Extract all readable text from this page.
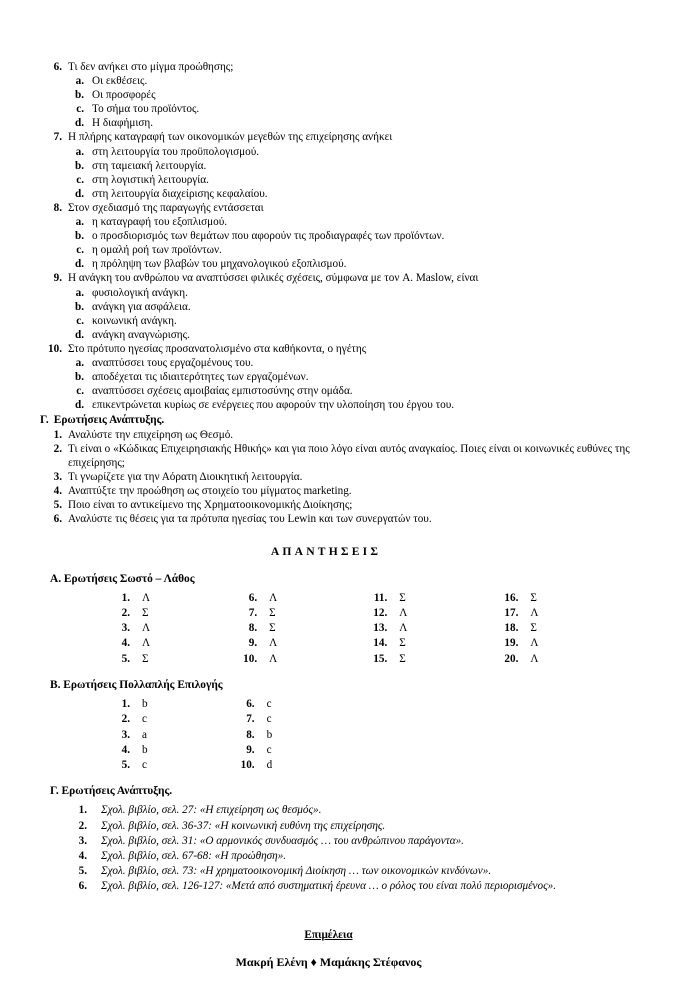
6. Τι δεν ανήκει στο μίγμα προώθησης;
a. Οι εκθέσεις.
b. Οι προσφορές
c. Το σήμα του προϊόντος.
d. Η διαφήμιση.
7. Η πλήρης καταγραφή των οικονομικών μεγεθών της επιχείρησης ανήκει
a. στη λειτουργία του προϋπολογισμού.
b. στη ταμειακή λειτουργία.
c. στη λογιστική λειτουργία.
d. στη λειτουργία διαχείρισης κεφαλαίου.
8. Στον σχεδιασμό της παραγωγής εντάσσεται
a. η καταγραφή του εξοπλισμού.
b. ο προσδιορισμός των θεμάτων που αφορούν τις προδιαγραφές των προϊόντων.
c. η ομαλή ροή των προϊόντων.
d. η πρόληψη των βλαβών του μηχανολογικού εξοπλισμού.
9. Η ανάγκη του ανθρώπου να αναπτύσσει φιλικές σχέσεις, σύμφωνα με τον A. Maslow, είναι
a. φυσιολογική ανάγκη.
b. ανάγκη για ασφάλεια.
c. κοινωνική ανάγκη.
d. ανάγκη αναγνώρισης.
10. Στο πρότυπο ηγεσίας προσανατολισμένο στα καθήκοντα, ο ηγέτης
a. αναπτύσσει τους εργαζομένους του.
b. αποδέχεται τις ιδιαιτερότητες των εργαζομένων.
c. αναπτύσσει σχέσεις αμοιβαίας εμπιστοσύνης στην ομάδα.
d. επικεντρώνεται κυρίως σε ενέργειες που αφορούν την υλοποίηση του έργου του.
Γ. Ερωτήσεις Ανάπτυξης.
1. Αναλύστε την επιχείρηση ως Θεσμό.
2. Τι είναι ο «Κώδικας Επιχειρησιακής Ηθικής» και για ποιο λόγο είναι αυτός αναγκαίος. Ποιες είναι οι κοινωνικές ευθύνες της επιχείρησης;
3. Τι γνωρίζετε για την Αόρατη Διοικητική λειτουργία.
4. Αναπτύξτε την προώθηση ως στοιχείο του μίγματος marketing.
5. Ποιο είναι το αντικείμενο της Χρηματοοικονομικής Διοίκησης;
6. Αναλύστε τις θέσεις για τα πρότυπα ηγεσίας του Lewin και των συνεργατών του.
ΑΠΑΝΤΗΣΕΙΣ
Α. Ερωτήσεις Σωστό – Λάθος
1. Λ
2. Σ
3. Λ
4. Λ
5. Σ
6. Λ
7. Σ
8. Σ
9. Λ
10. Λ
11. Σ
12. Λ
13. Λ
14. Σ
15. Σ
16. Σ
17. Λ
18. Σ
19. Λ
20. Λ
Β. Ερωτήσεις Πολλαπλής Επιλογής
1. b
2. c
3. a
4. b
5. c
6. c
7. c
8. b
9. c
10. d
Γ. Ερωτήσεις Ανάπτυξης.
1. Σχολ. βιβλίο, σελ. 27: «Η επιχείρηση ως θεσμός».
2. Σχολ. βιβλίο, σελ. 36-37: «Η κοινωνική ευθύνη της επιχείρησης.
3. Σχολ. βιβλίο, σελ. 31: «Ο αρμονικός συνδυασμός … του ανθρώπινου παράγοντα».
4. Σχολ. βιβλίο, σελ. 67-68: «Η προώθηση».
5. Σχολ. βιβλίο, σελ. 73: «Η χρηματοοικονομική Διοίκηση … των οικονομικών κινδύνων».
6. Σχολ. βιβλίο, σελ. 126-127: «Μετά από συστηματική έρευνα … ο ρόλος του είναι πολύ περιορισμένος».
Επιμέλεια
Μακρή Ελένη ♦ Μαμάκης Στέφανος
